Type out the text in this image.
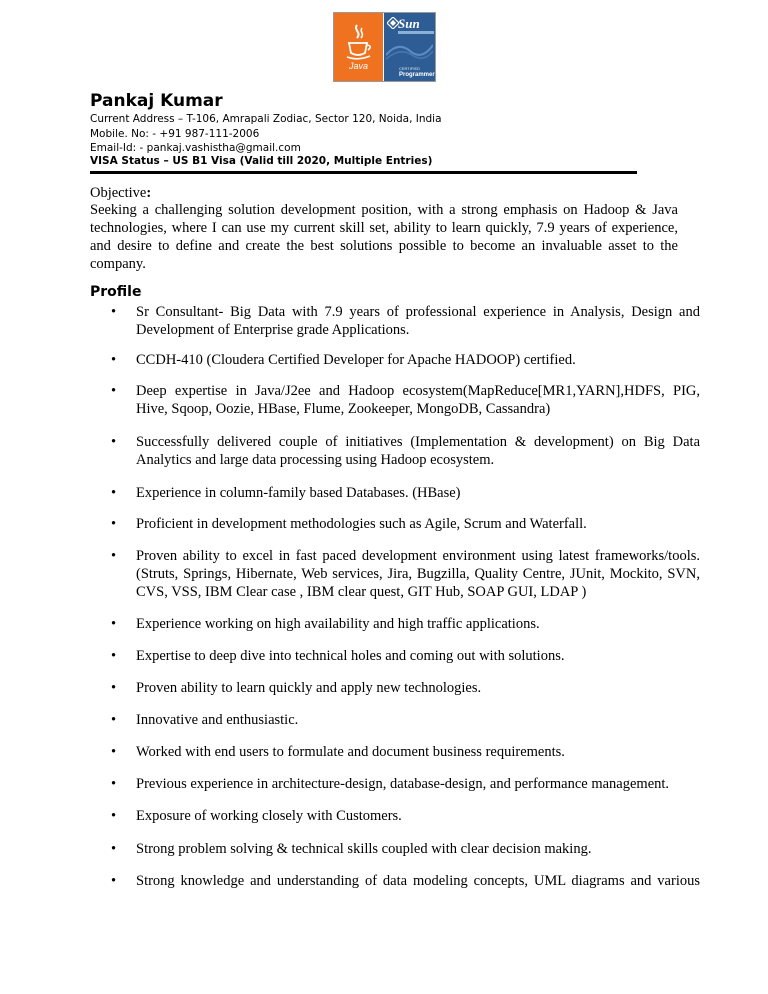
Java
Sun
CERTIFIED
Programmer
Pankaj Kumar
Current Address – T-106, Amrapali Zodiac, Sector 120, Noida, India
Mobile. No: - +91 987-111-2006
Email-Id: - pankaj.vashistha@gmail.com
VISA Status – US B1 Visa (Valid till 2020, Multiple Entries)
Objective:
Seeking a challenging solution development position, with a strong emphasis on Hadoop & Java technologies, where I can use my current skill set, ability to learn quickly, 7.9 years of experience, and desire to define and create the best solutions possible to become an invaluable asset to the company.
Profile
•	Sr Consultant- Big Data with 7.9 years of professional experience in Analysis, Design and Development of Enterprise grade Applications.
•	CCDH-410 (Cloudera Certified Developer for Apache HADOOP) certified.
•	Deep expertise in Java/J2ee and Hadoop ecosystem(MapReduce[MR1,YARN],HDFS, PIG, Hive, Sqoop, Oozie, HBase, Flume, Zookeeper, MongoDB, Cassandra)
•	Successfully delivered couple of initiatives (Implementation & development) on Big Data Analytics and large data processing using Hadoop ecosystem.
•	Experience in column-family based Databases. (HBase)
•	Proficient in development methodologies such as Agile, Scrum and Waterfall.
•	Proven ability to excel in fast paced development environment using latest frameworks/tools. (Struts, Springs, Hibernate, Web services, Jira, Bugzilla, Quality Centre, JUnit, Mockito, SVN, CVS, VSS, IBM Clear case , IBM clear quest, GIT Hub, SOAP GUI, LDAP )
•	Experience working on high availability and high traffic applications.
•	Expertise to deep dive into technical holes and coming out with solutions.
•	Proven ability to learn quickly and apply new technologies.
•	Innovative and enthusiastic.
•	Worked with end users to formulate and document business requirements.
•	Previous experience in architecture-design, database-design, and performance management.
•	Exposure of working closely with Customers.
•	Strong problem solving & technical skills coupled with clear decision making.
•	Strong knowledge and understanding of data modeling concepts, UML diagrams and various
